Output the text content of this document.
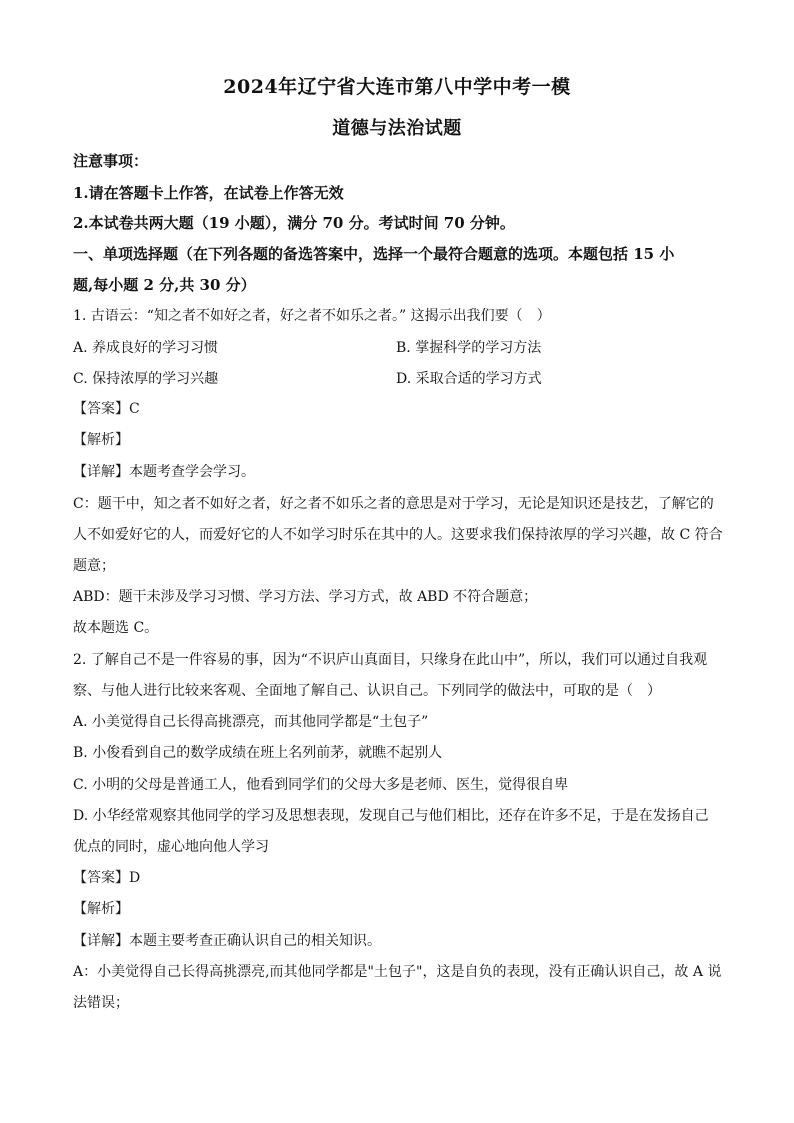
2024年辽宁省大连市第八中学中考一模
道德与法治试题
注意事项：
1.请在答题卡上作答，在试卷上作答无效
2.本试卷共两大题（19 小题），满分 70 分。考试时间 70 分钟。
一、单项选择题（在下列各题的备选答案中，选择一个最符合题意的选项。本题包括 15 小
题,每小题 2 分,共 30 分）
1. 古语云：“知之者不如好之者，好之者不如乐之者。” 这揭示出我们要（　）
A. 养成良好的学习习惯	B. 掌握科学的学习方法
C. 保持浓厚的学习兴趣	D. 采取合适的学习方式
【答案】C
【解析】
【详解】本题考查学会学习。
C：题干中，知之者不如好之者，好之者不如乐之者的意思是对于学习，无论是知识还是技艺，了解它的
人不如爱好它的人，而爱好它的人不如学习时乐在其中的人。这要求我们保持浓厚的学习兴趣，故 C 符合
题意；
ABD：题干未涉及学习习惯、学习方法、学习方式，故 ABD 不符合题意；
故本题选 C。
2. 了解自己不是一件容易的事，因为“不识庐山真面目，只缘身在此山中”，所以，我们可以通过自我观
察、与他人进行比较来客观、全面地了解自己、认识自己。下列同学的做法中，可取的是（　）
A. 小美觉得自己长得高挑漂亮，而其他同学都是“土包子”
B. 小俊看到自己的数学成绩在班上名列前茅，就瞧不起别人
C. 小明的父母是普通工人，他看到同学们的父母大多是老师、医生，觉得很自卑
D. 小华经常观察其他同学的学习及思想表现，发现自己与他们相比，还存在许多不足，于是在发扬自己
优点的同时，虚心地向他人学习
【答案】D
【解析】
【详解】本题主要考查正确认识自己的相关知识。
A：小美觉得自己长得高挑漂亮,而其他同学都是"土包子"，这是自负的表现，没有正确认识自己，故 A 说
法错误；
